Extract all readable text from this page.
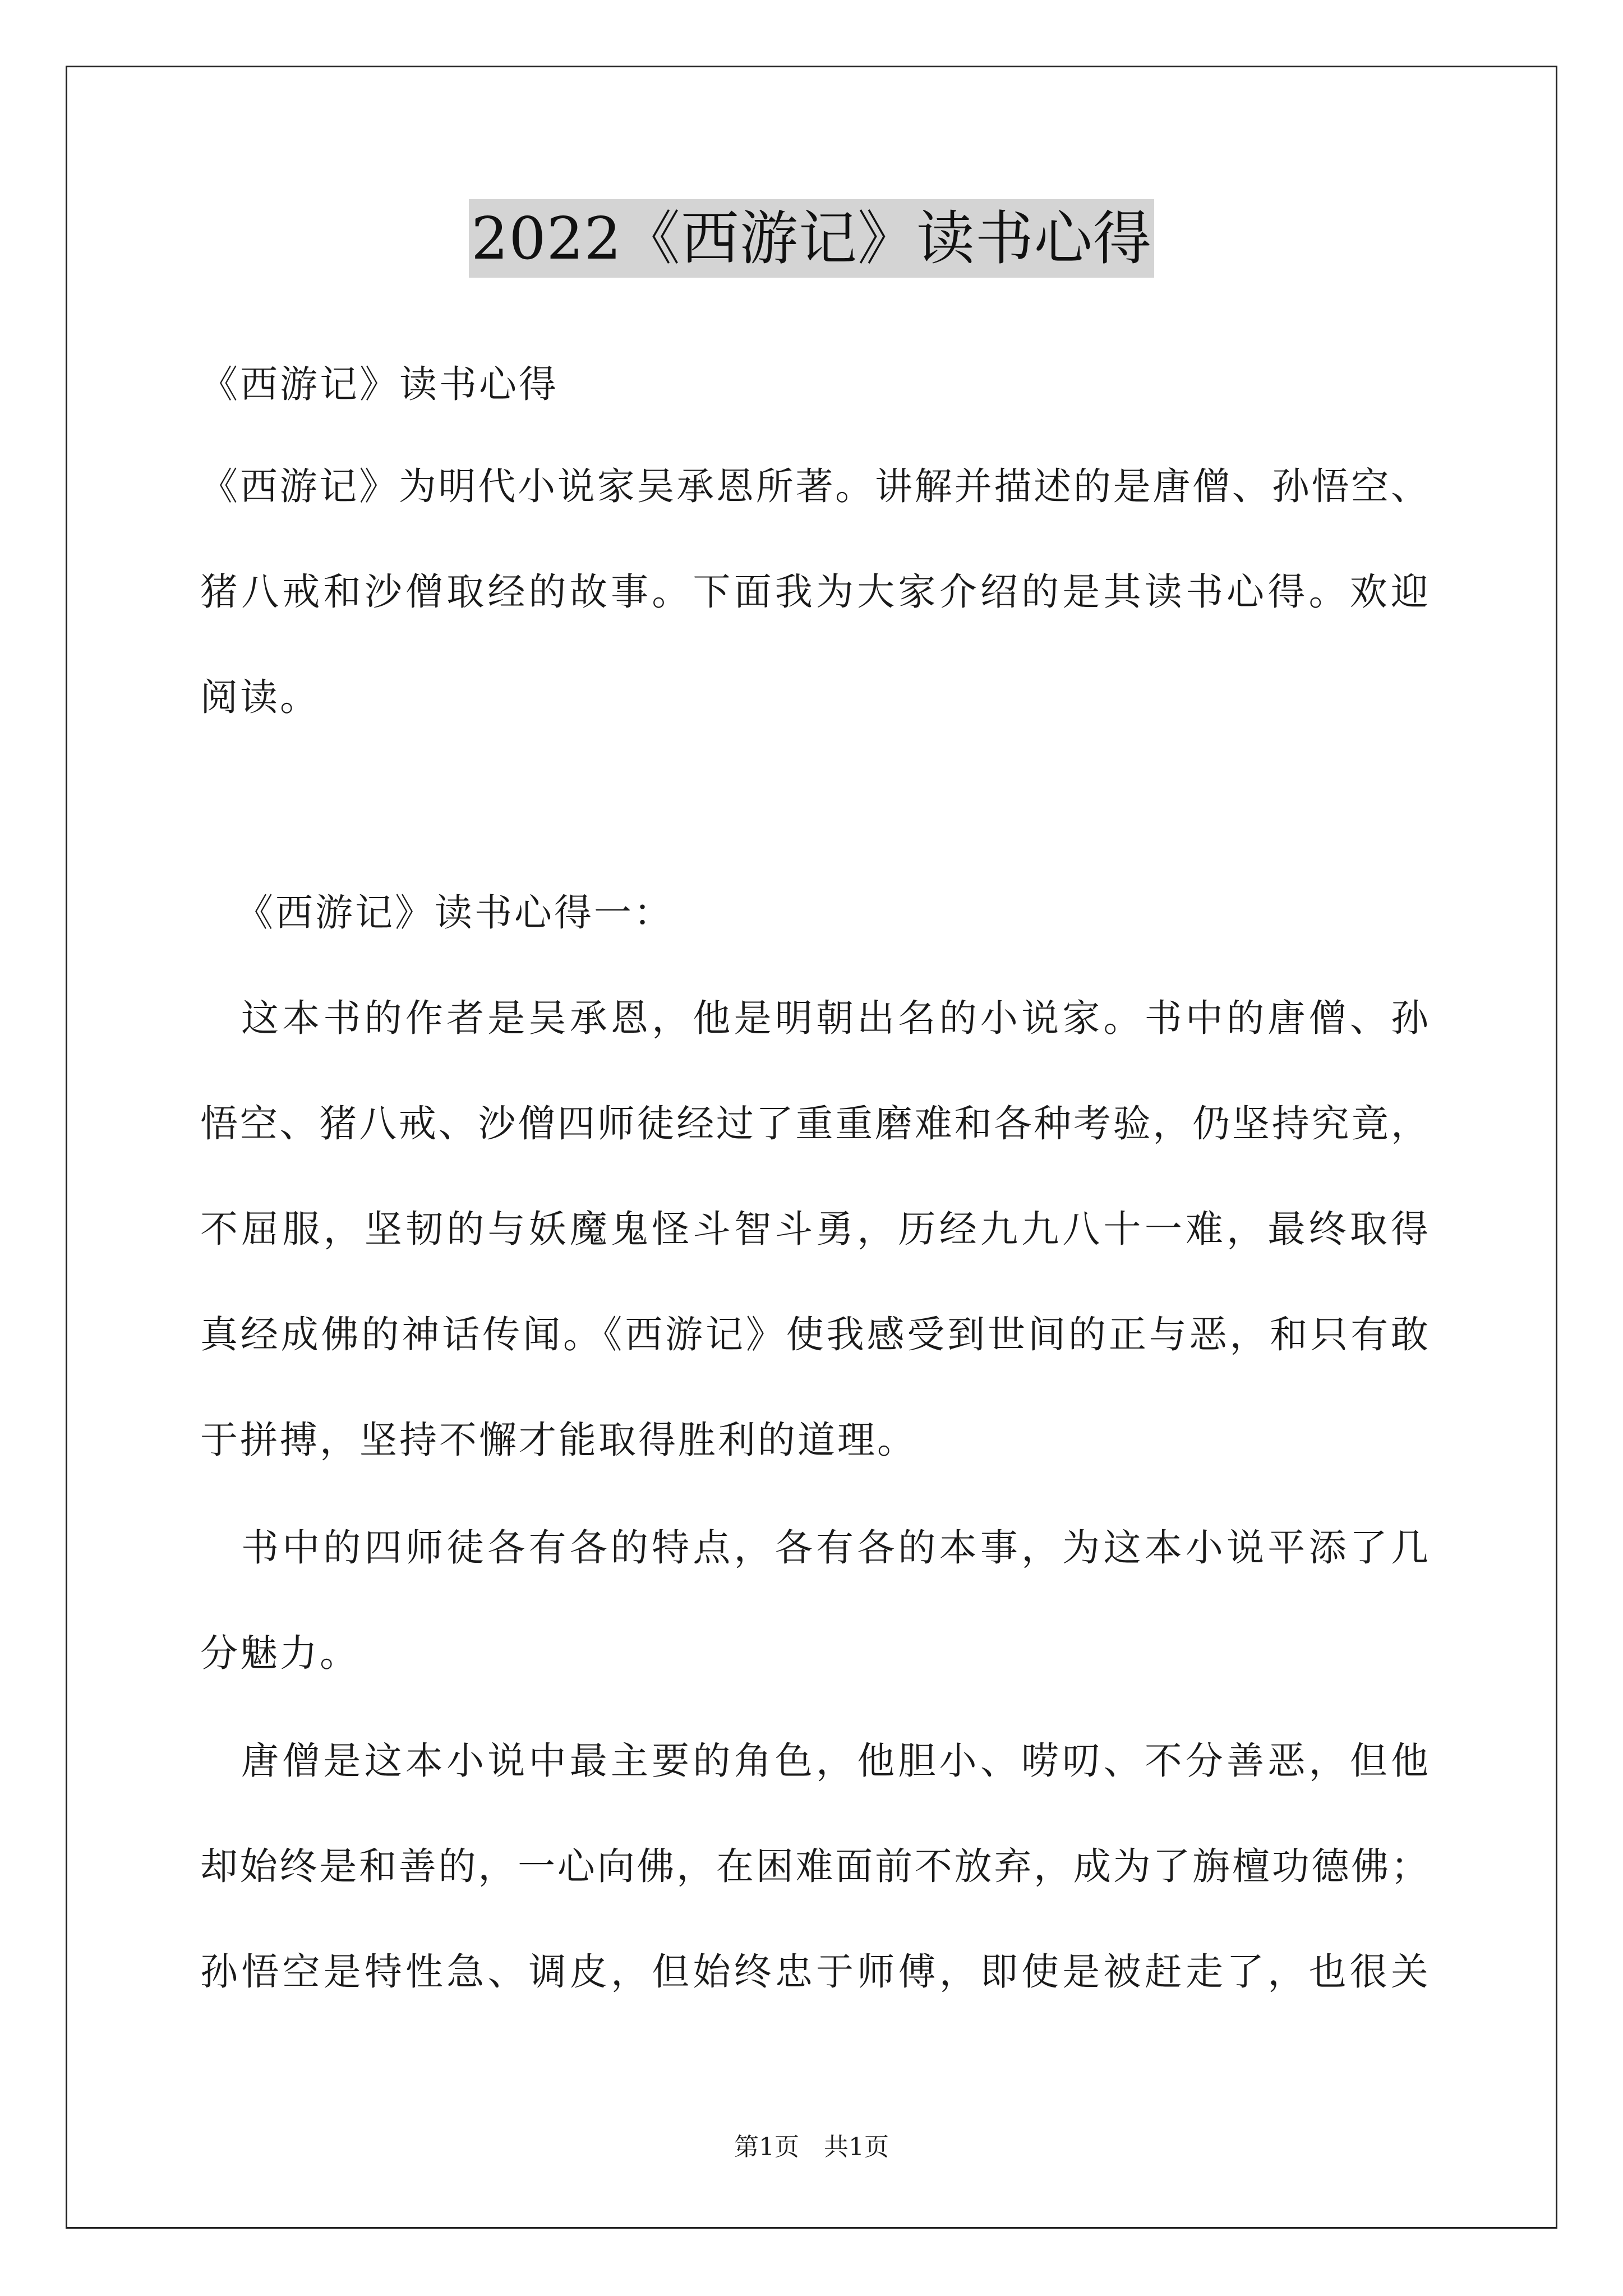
2022《西游记》读书心得
《西游记》读书心得
《西游记》为明代小说家吴承恩所著。讲解并描述的是唐僧、孙悟空、
猪八戒和沙僧取经的故事。下面我为大家介绍的是其读书心得。欢迎
阅读。
《西游记》读书心得一：
这本书的作者是吴承恩，他是明朝出名的小说家。书中的唐僧、孙
悟空、猪八戒、沙僧四师徒经过了重重磨难和各种考验，仍坚持究竟，
不屈服，坚韧的与妖魔鬼怪斗智斗勇，历经九九八十一难，最终取得
真经成佛的神话传闻。《西游记》使我感受到世间的正与恶，和只有敢
于拼搏，坚持不懈才能取得胜利的道理。
书中的四师徒各有各的特点，各有各的本事，为这本小说平添了几
分魅力。
唐僧是这本小说中最主要的角色，他胆小、唠叨、不分善恶，但他
却始终是和善的，一心向佛，在困难面前不放弃，成为了旃檀功德佛；
孙悟空是特性急、调皮，但始终忠于师傅，即使是被赶走了，也很关
第1页　共1页
